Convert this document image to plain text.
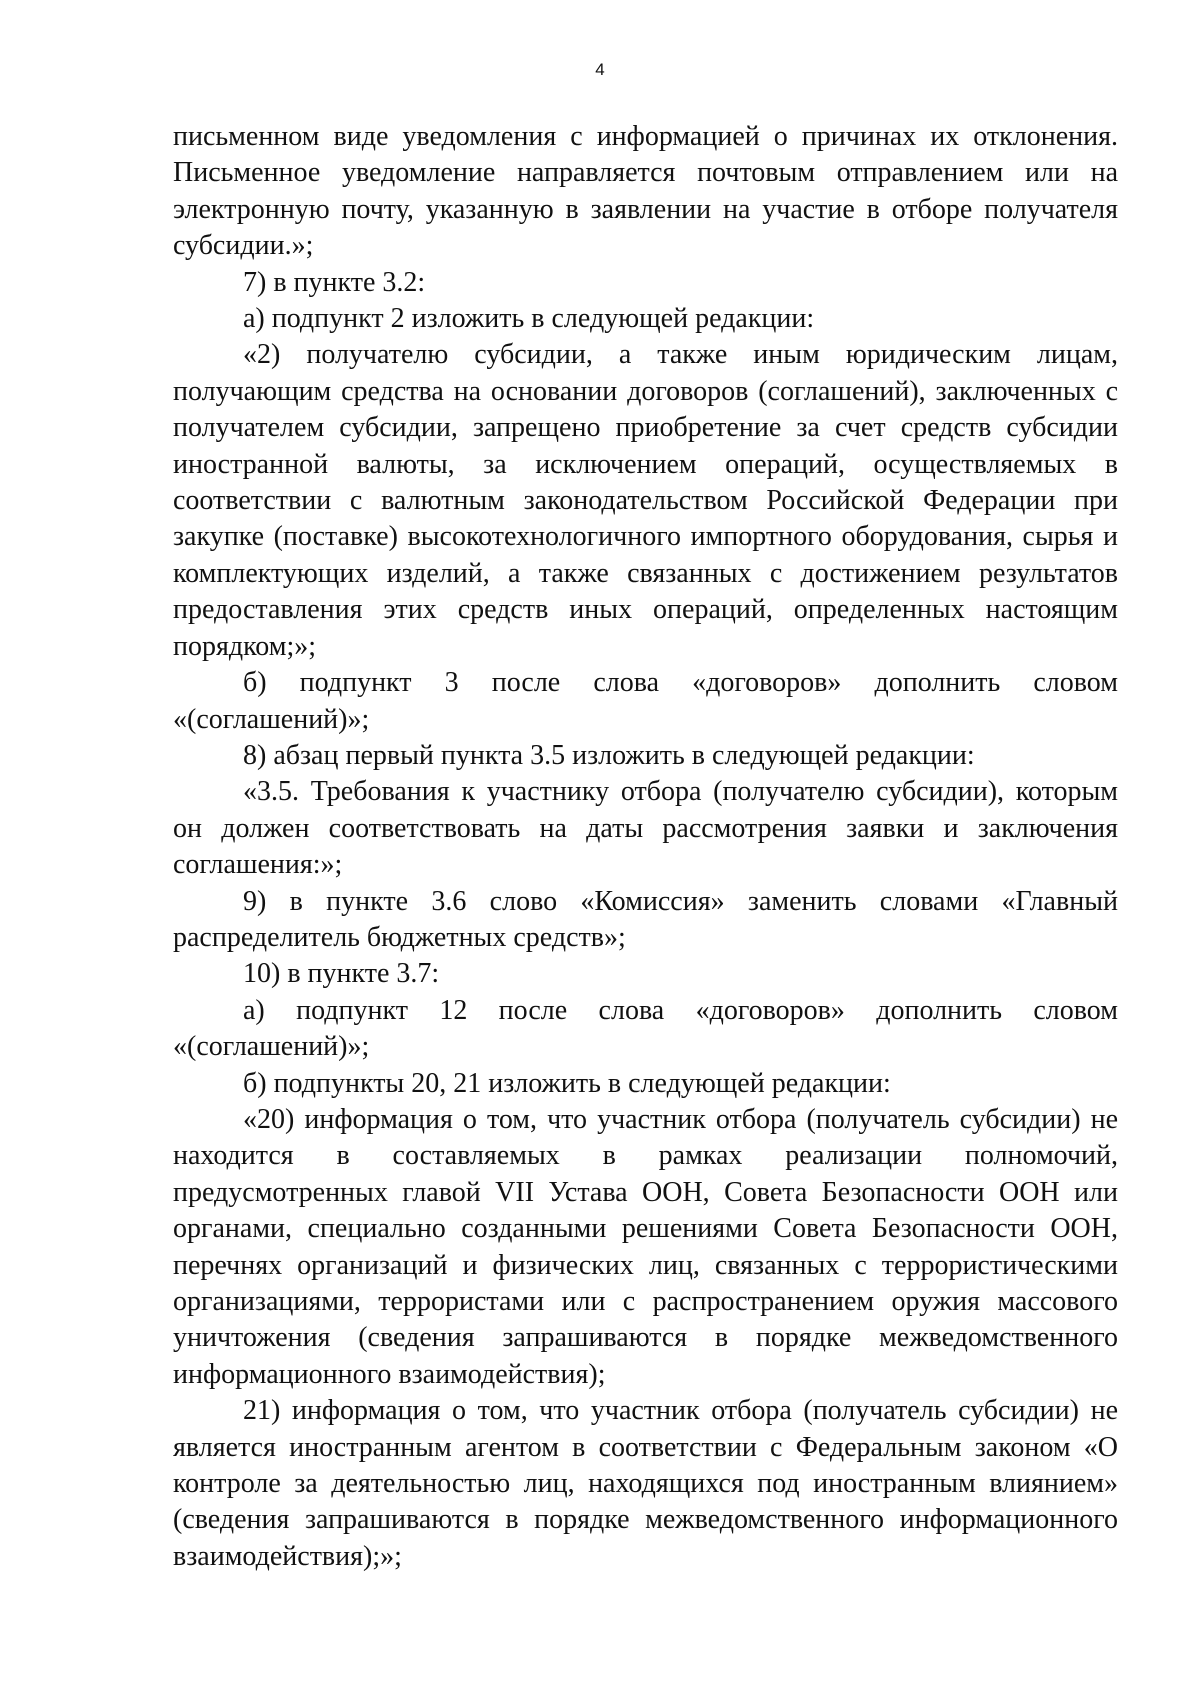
4

письменном виде уведомления с информацией о причинах их отклонения. Письменное уведомление направляется почтовым отправлением или на электронную почту, указанную в заявлении на участие в отборе получателя субсидии.»;

7) в пункте 3.2:

а) подпункт 2 изложить в следующей редакции:

«2) получателю субсидии, а также иным юридическим лицам, получающим средства на основании договоров (соглашений), заключенных с получателем субсидии, запрещено приобретение за счет средств субсидии иностранной валюты, за исключением операций, осуществляемых в соответствии с валютным законодательством Российской Федерации при закупке (поставке) высокотехнологичного импортного оборудования, сырья и комплектующих изделий, а также связанных с достижением результатов предоставления этих средств иных операций, определенных настоящим порядком;»;

б) подпункт 3 после слова «договоров» дополнить словом «(соглашений)»;

8) абзац первый пункта 3.5 изложить в следующей редакции:

«3.5. Требования к участнику отбора (получателю субсидии), которым он должен соответствовать на даты рассмотрения заявки и заключения соглашения:»;

9) в пункте 3.6 слово «Комиссия» заменить словами «Главный распределитель бюджетных средств»;

10) в пункте 3.7:

а) подпункт 12 после слова «договоров» дополнить словом «(соглашений)»;

б) подпункты 20, 21 изложить в следующей редакции:

«20) информация о том, что участник отбора (получатель субсидии) не находится в составляемых в рамках реализации полномочий, предусмотренных главой VII Устава ООН, Совета Безопасности ООН или органами, специально созданными решениями Совета Безопасности ООН, перечнях организаций и физических лиц, связанных с террористическими организациями, террористами или с распространением оружия массового уничтожения (сведения запрашиваются в порядке межведомственного информационного взаимодействия);

21) информация о том, что участник отбора (получатель субсидии) не является иностранным агентом в соответствии с Федеральным законом «О контроле за деятельностью лиц, находящихся под иностранным влиянием» (сведения запрашиваются в порядке межведомственного информационного взаимодействия);»;
